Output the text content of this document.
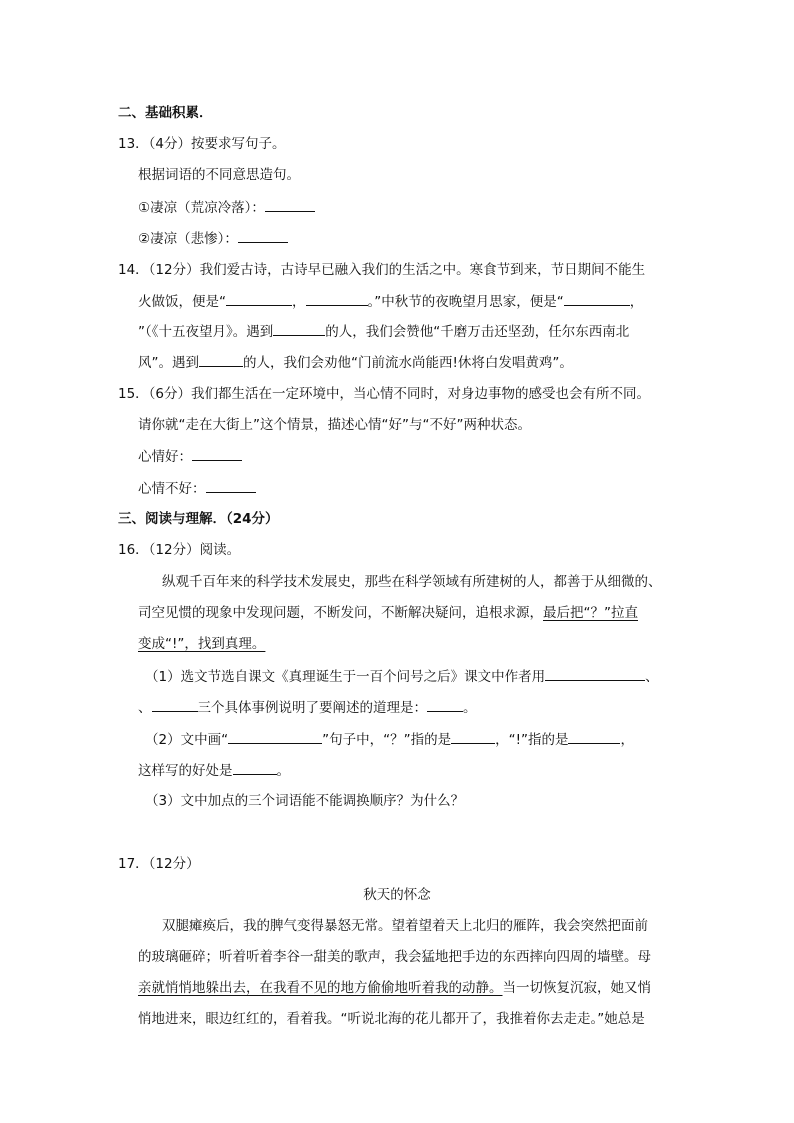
二、基础积累．
13．（4分）按要求写句子。
根据词语的不同意思造句。
①凄凉（荒凉冷落）：
②凄凉（悲惨）：
14．（12分）我们爱古诗，古诗早已融入我们的生活之中。寒食节到来，节日期间不能生
火做饭，便是“	，	。”中秋节的夜晚望月思家，便是“	，
”（《十五夜望月》。遇到	的人，我们会赞他“千磨万击还坚劲，任尔东西南北
风”。遇到	的人，我们会劝他“门前流水尚能西!休将白发唱黄鸡”。
15．（6分）我们都生活在一定环境中，当心情不同时，对身边事物的感受也会有所不同。
请你就“走在大街上”这个情景，描述心情“好”与“不好”两种状态。
心情好：
心情不好：
三、阅读与理解．（24分）
16．（12分）阅读。
纵观千百年来的科学技术发展史，那些在科学领域有所建树的人，都善于从细微的、
司空见惯的现象中发现问题，不断发问，不断解决疑问，追根求源，最后把“？”拉直
变成“!”，找到真理。
（1）选文节选自课文《真理诞生于一百个问号之后》课文中作者用	、
、	三个具体事例说明了要阐述的道理是：	。
（2）文中画“	”句子中，“？”指的是	，“!”指的是	，
这样写的好处是	。
（3）文中加点的三个词语能不能调换顺序？为什么？
17．（12分）
秋天的怀念
双腿瘫痪后，我的脾气变得暴怒无常。望着望着天上北归的雁阵，我会突然把面前
的玻璃砸碎；听着听着李谷一甜美的歌声，我会猛地把手边的东西摔向四周的墙壁。母
亲就悄悄地躲出去，在我看不见的地方偷偷地听着我的动静。当一切恢复沉寂，她又悄
悄地进来，眼边红红的，看着我。“听说北海的花儿都开了，我推着你去走走。”她总是
